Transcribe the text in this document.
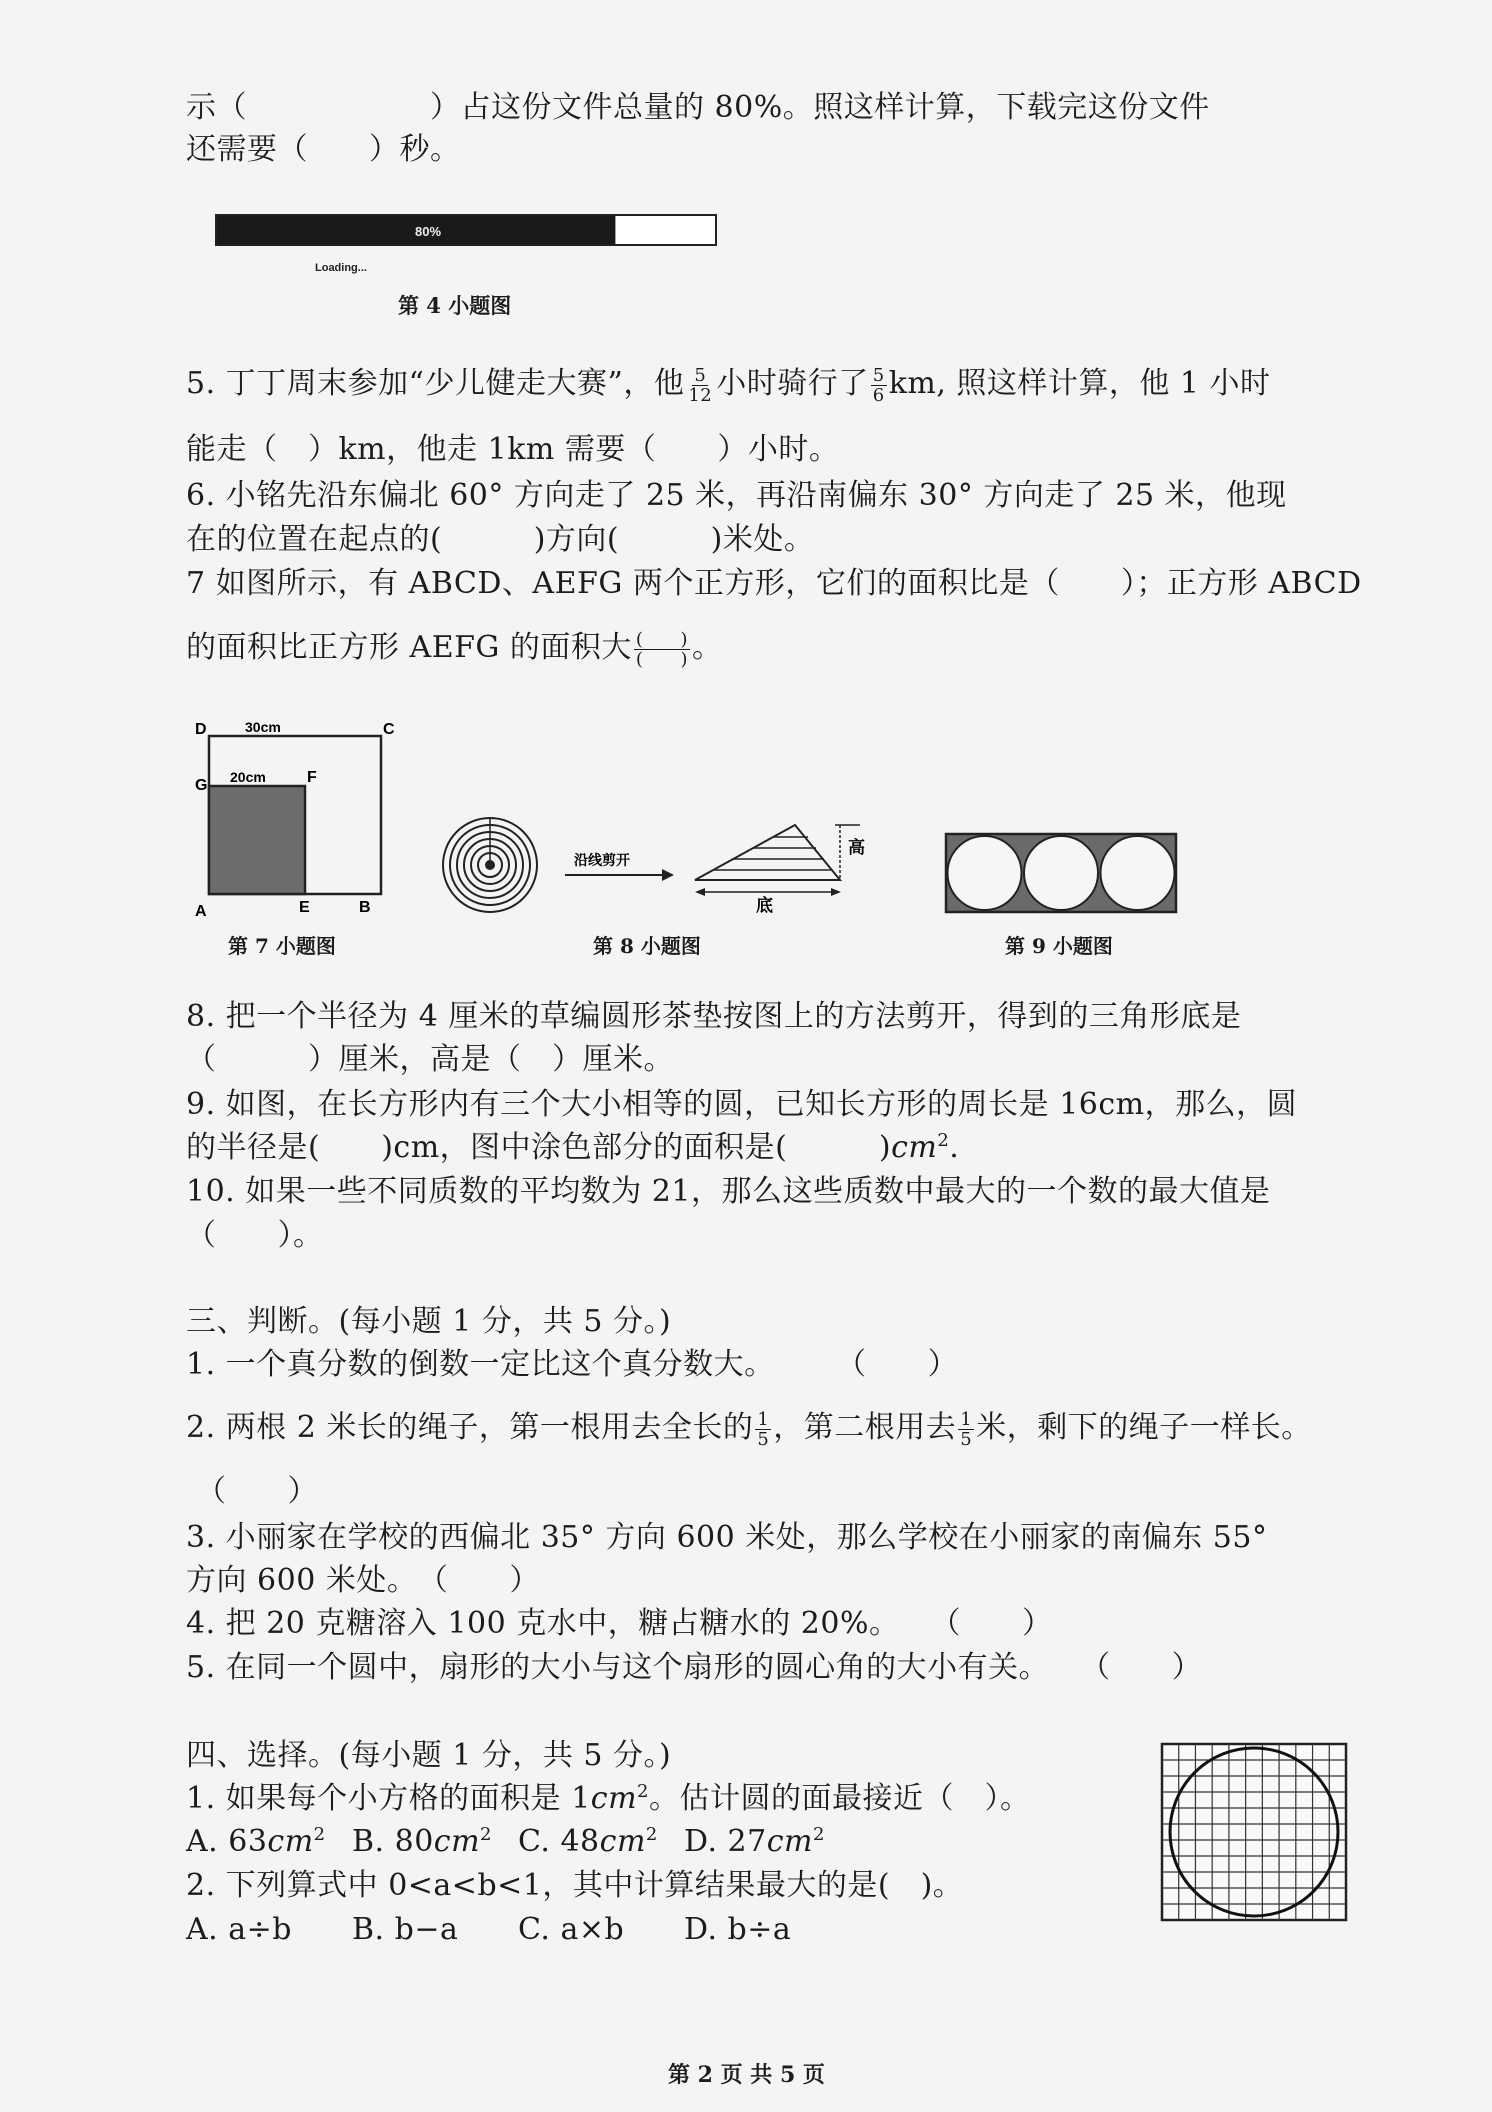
示（　　　　　　）占这份文件总量的 80%。照这样计算，下载完这份文件
还需要（　　）秒。
80%
Loading...
第 4 小题图
5. 丁丁周末参加“少儿健走大赛”，他 $\frac{5}{12}$ 小时骑行了 $\frac{5}{6}$ km, 照这样计算，他 1 小时
能走（　）km，他走 1km 需要（　　）小时。
6. 小铭先沿东偏北 60° 方向走了 25 米，再沿南偏东 30° 方向走了 25 米，他现
在的位置在起点的(　　　)方向(　　　)米处。
7 如图所示，有 ABCD、AEFG 两个正方形，它们的面积比是（　　）；正方形 ABCD
的面积比正方形 AEFG 的面积大 $\frac{( )}{( )}$ 。
D	30cm	C
G 20cm	F
A	E	B
第 7 小题图
沿线剪开
高
底
第 8 小题图	第 9 小题图
8. 把一个半径为 4 厘米的草编圆形茶垫按图上的方法剪开，得到的三角形底是
（　　　）厘米，高是（　）厘米。
9. 如图，在长方形内有三个大小相等的圆，已知长方形的周长是 16cm，那么，圆
的半径是(　　)cm，图中涂色部分的面积是(　　　)$cm^2$.
10. 如果一些不同质数的平均数为 21，那么这些质数中最大的一个数的最大值是
（　　）。
三、判断。(每小题 1 分，共 5 分。)
1. 一个真分数的倒数一定比这个真分数大。　　　（　　）
2. 两根 2 米长的绳子，第一根用去全长的 $\frac{1}{5}$ ，第二根用去 $\frac{1}{5}$ 米，剩下的绳子一样长。
（　　）
3. 小丽家在学校的西偏北 35° 方向 600 米处，那么学校在小丽家的南偏东 55°
方向 600 米处。　（　　）
4. 把 20 克糖溶入 100 克水中，糖占糖水的 20%。　　（　　）
5. 在同一个圆中，扇形的大小与这个扇形的圆心角的大小有关。　　（　　）
四、选择。(每小题 1 分，共 5 分。)
1. 如果每个小方格的面积是 $1cm^2$。估计圆的面最接近（　）。
A. $63cm^2$ B. $80cm^2$ C. $48cm^2$ D. $27cm^2$
2. 下列算式中 0<a<b<1，其中计算结果最大的是(　)。
A. a÷b B. b−a C. a×b D. b÷a
第 2 页 共 5 页
